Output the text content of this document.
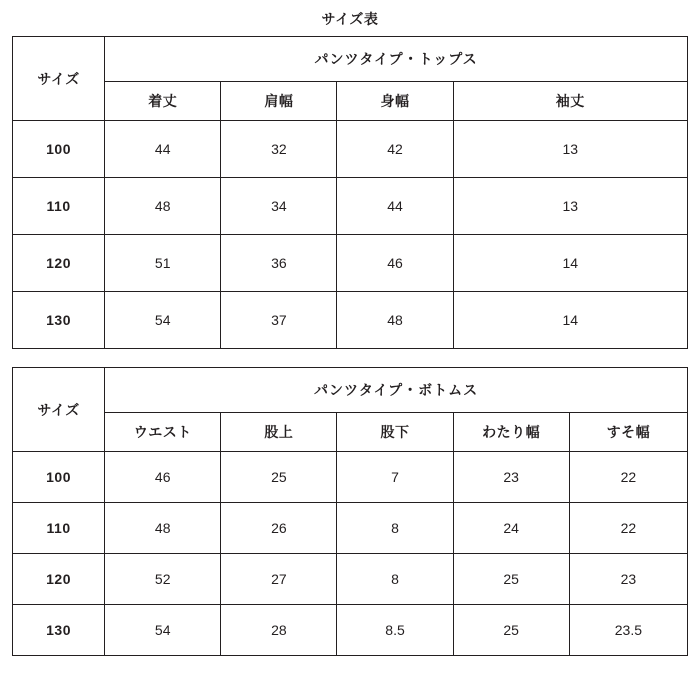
サイズ表
サイズ	パンツタイプ・トップス			
	着丈	肩幅	身幅	袖丈
100	44	32	42	13
110	48	34	44	13
120	51	36	46	14
130	54	37	48	14
サイズ	パンツタイプ・ボトムス				
	ウエスト	股上	股下	わたり幅	すそ幅
100	46	25	7	23	22
110	48	26	8	24	22
120	52	27	8	25	23
130	54	28	8.5	25	23.5
